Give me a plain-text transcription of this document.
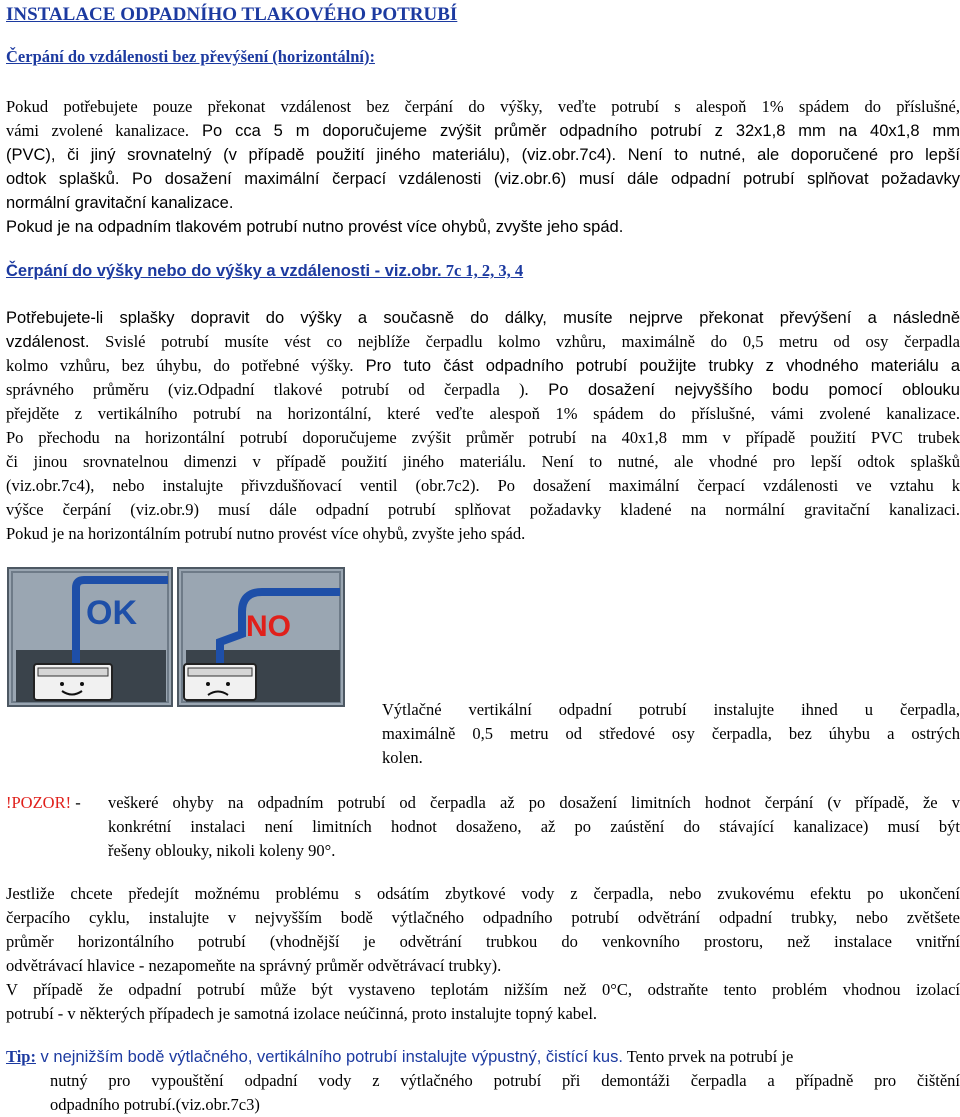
INSTALACE ODPADNÍHO TLAKOVÉHO POTRUBÍ
Čerpání do vzdálenosti bez převýšení (horizontální):
Pokud potřebujete pouze překonat vzdálenost bez čerpání do výšky, veďte potrubí s alespoň 1% spádem do příslušné,
vámi zvolené kanalizace. Po cca 5 m doporučujeme zvýšit průměr odpadního potrubí z 32x1,8 mm na 40x1,8 mm
(PVC), či jiný srovnatelný (v případě použití jiného materiálu), (viz.obr.7c4). Není to nutné, ale doporučené pro lepší
odtok splašků. Po dosažení maximální čerpací vzdálenosti (viz.obr.6) musí dále odpadní potrubí splňovat požadavky
normální gravitační kanalizace.
Pokud je na odpadním tlakovém potrubí nutno provést více ohybů, zvyšte jeho spád.
Čerpání do výšky nebo do výšky a vzdálenosti - viz.obr. 7c 1, 2, 3, 4
Potřebujete-li splašky dopravit do výšky a současně do dálky, musíte nejprve překonat převýšení a následně
vzdálenost. Svislé potrubí musíte vést co nejblíže čerpadlu kolmo vzhůru, maximálně do 0,5 metru od osy čerpadla
kolmo vzhůru, bez úhybu, do potřebné výšky. Pro tuto část odpadního potrubí použijte trubky z vhodného materiálu a
správného průměru (viz.Odpadní tlakové potrubí od čerpadla ). Po dosažení nejvyššího bodu pomocí oblouku
přejděte z vertikálního potrubí na horizontální, které veďte alespoň 1% spádem do příslušné, vámi zvolené kanalizace.
Po přechodu na horizontální potrubí doporučujeme zvýšit průměr potrubí na 40x1,8 mm v případě použití PVC trubek
či jinou srovnatelnou dimenzi v případě použití jiného materiálu. Není to nutné, ale vhodné pro lepší odtok splašků
(viz.obr.7c4), nebo instalujte přivzdušňovací ventil (obr.7c2). Po dosažení maximální čerpací vzdálenosti ve vztahu k
výšce čerpání (viz.obr.9) musí dále odpadní potrubí splňovat požadavky kladené na normální gravitační kanalizaci.
Pokud je na horizontálním potrubí nutno provést více ohybů, zvyšte jeho spád.
OK	NO
Výtlačné vertikální odpadní potrubí instalujte ihned u čerpadla,
maximálně 0,5 metru od středové osy čerpadla, bez úhybu a ostrých
kolen.
!POZOR! - veškeré ohyby na odpadním potrubí od čerpadla až po dosažení limitních hodnot čerpání (v případě, že v
konkrétní instalaci není limitních hodnot dosaženo, až po zaústění do stávající kanalizace) musí být
řešeny oblouky, nikoli koleny 90°.
Jestliže chcete předejít možnému problému s odsátím zbytkové vody z čerpadla, nebo zvukovému efektu po ukončení
čerpacího cyklu, instalujte v nejvyšším bodě výtlačného odpadního potrubí odvětrání odpadní trubky, nebo zvětšete
průměr horizontálního potrubí (vhodnější je odvětrání trubkou do venkovního prostoru, než instalace vnitřní
odvětrávací hlavice - nezapomeňte na správný průměr odvětrávací trubky).
V případě že odpadní potrubí může být vystaveno teplotám nižším než 0°C, odstraňte tento problém vhodnou izolací
potrubí - v některých případech je samotná izolace neúčinná, proto instalujte topný kabel.
Tip: v nejnižším bodě výtlačného, vertikálního potrubí instalujte výpustný, čistící kus. Tento prvek na potrubí je
nutný pro vypouštění odpadní vody z výtlačného potrubí při demontáži čerpadla a případně pro čištění
odpadního potrubí.(viz.obr.7c3)
